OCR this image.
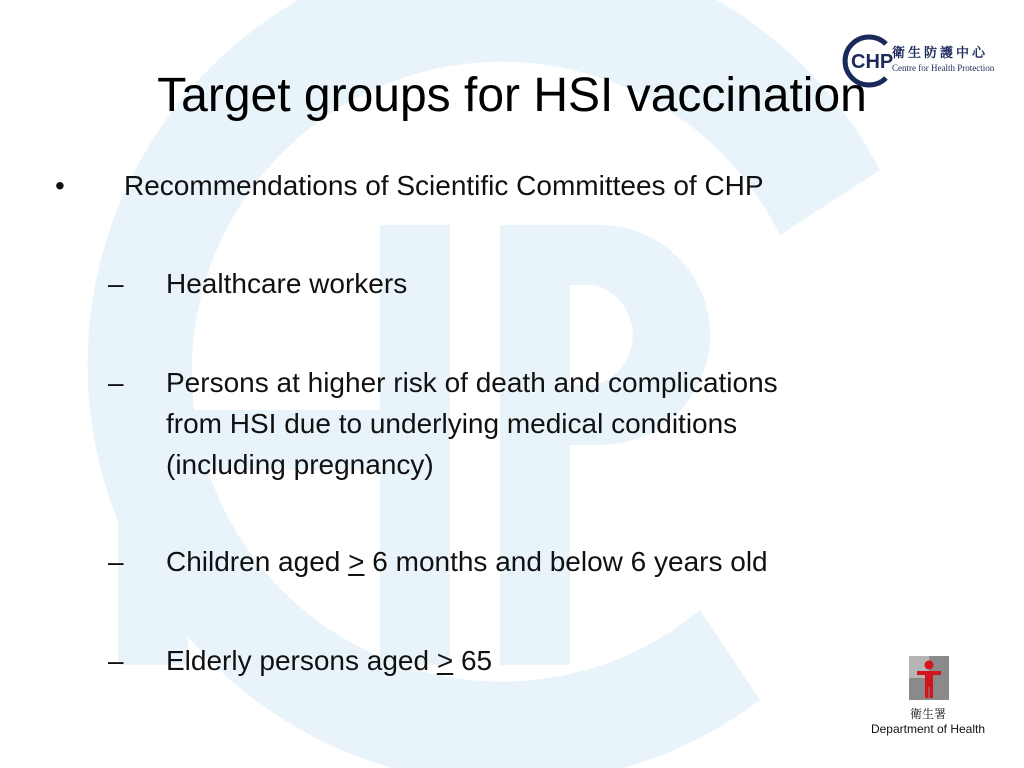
CHP
衛生防護中心
Centre for Health Protection
Target groups for HSI vaccination
• Recommendations of Scientific Committees of CHP
– Healthcare workers
– Persons at higher risk of death and complications
from HSI due to underlying medical conditions
(including pregnancy)
– Children aged ≥ 6 months and below 6 years old
– Elderly persons aged ≥ 65
衛生署
Department of Health
